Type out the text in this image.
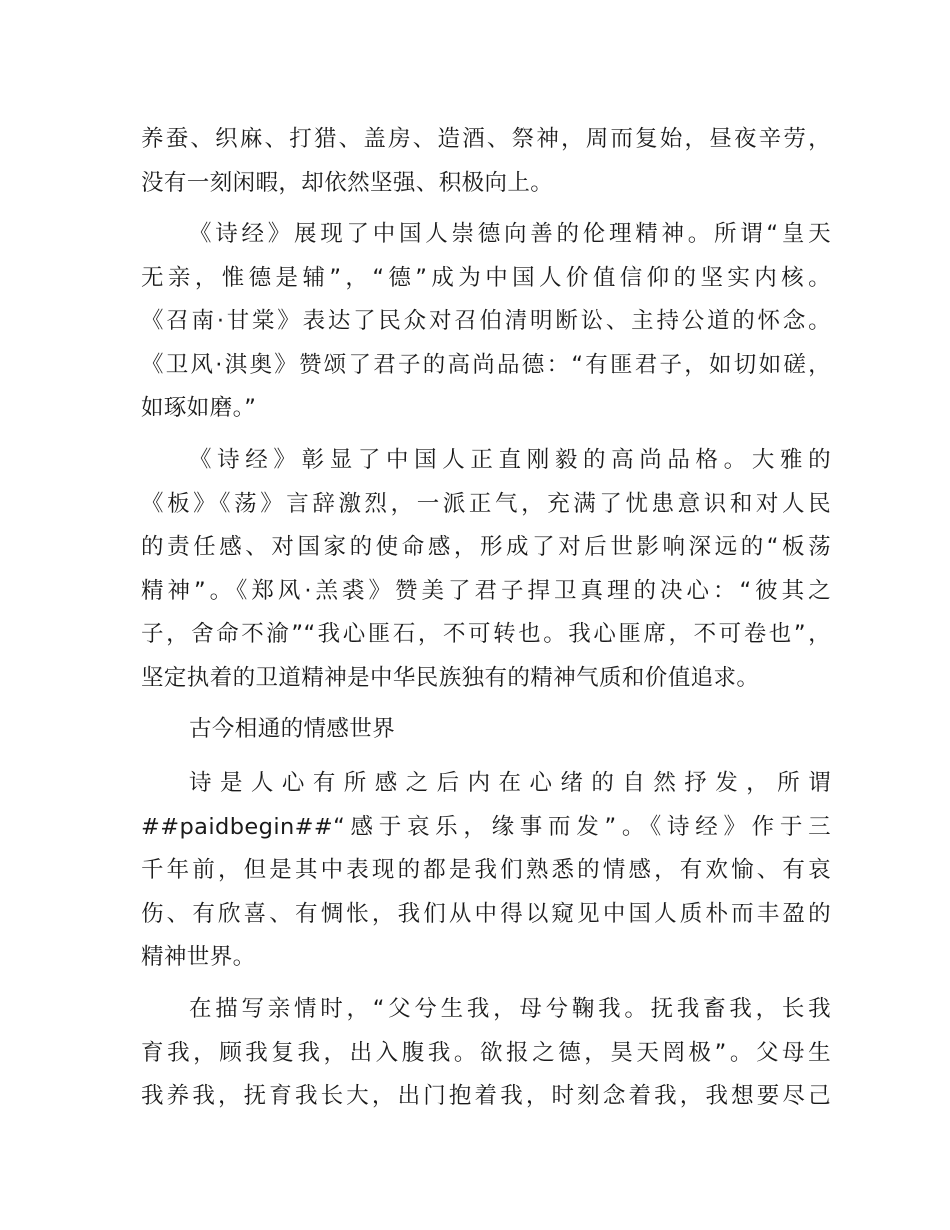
养蚕、织麻、打猎、盖房、造酒、祭神，周而复始，昼夜辛劳，
没有一刻闲暇，却依然坚强、积极向上。
《诗经》展现了中国人崇德向善的伦理精神。所谓“皇天
无亲，惟德是辅”，“德”成为中国人价值信仰的坚实内核。
《召南·甘棠》表达了民众对召伯清明断讼、主持公道的怀念。
《卫风·淇奥》赞颂了君子的高尚品德：“有匪君子，如切如磋，
如琢如磨。”
《诗经》彰显了中国人正直刚毅的高尚品格。大雅的
《板》《荡》言辞激烈，一派正气，充满了忧患意识和对人民
的责任感、对国家的使命感，形成了对后世影响深远的“板荡
精神”。《郑风·羔裘》赞美了君子捍卫真理的决心：“彼其之
子，舍命不渝”“我心匪石，不可转也。我心匪席，不可卷也”，
坚定执着的卫道精神是中华民族独有的精神气质和价值追求。
古今相通的情感世界
诗是人心有所感之后内在心绪的自然抒发，所谓
##paidbegin##“感于哀乐，缘事而发”。《诗经》作于三
千年前，但是其中表现的都是我们熟悉的情感，有欢愉、有哀
伤、有欣喜、有惆怅，我们从中得以窥见中国人质朴而丰盈的
精神世界。
在描写亲情时，“父兮生我，母兮鞠我。抚我畜我，长我
育我，顾我复我，出入腹我。欲报之德，昊天罔极”。父母生
我养我，抚育我长大，出门抱着我，时刻念着我，我想要尽己
